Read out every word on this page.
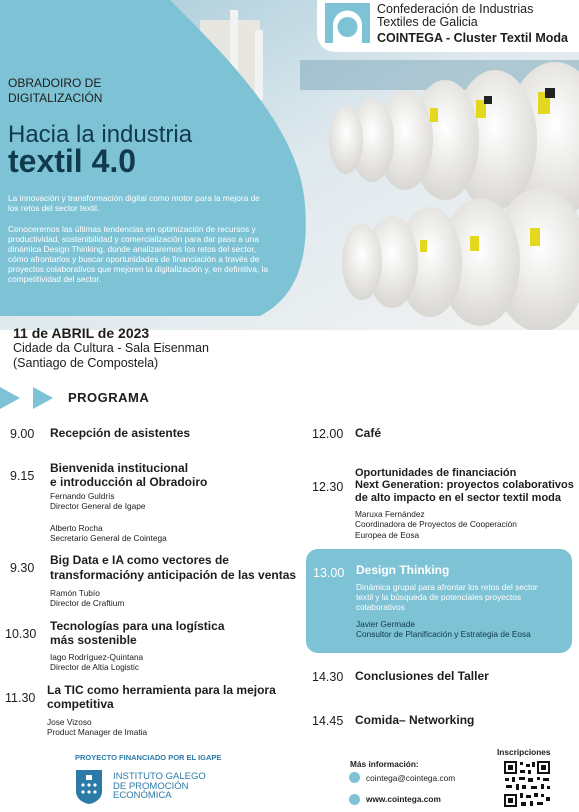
Confederación de Industrias
Textiles de Galicia
COINTEGA - Cluster Textil Moda
OBRADOIRO DE DIGITALIZACIÓN
Hacia la industria
textil 4.0
La innovación y transformación digital como motor para la mejora de los retos del sector textil.
Conoceremos las últimas tendencias en optimización de recursos y productividad, sostenibilidad y comercialización para dar paso a una dinámica Design Thinking, donde analizaremos los retos del sector, cómo afrontarlos y buscar oportunidades de financiación a través de proyectos colaborativos que mejoren la digitalización y, en definitiva, la competitividad del sector.
11 de ABRIL de 2023
Cidade da Cultura - Sala Eisenman
(Santiago de Compostela)
PROGRAMA
9.00 Recepción de asistentes
9.15
Bienvenida institucional
e introducción al Obradoiro
Fernando Guldrís
Director General de Igape
Alberto Rocha
Secretario General de Cointega
9.30
Big Data e IA como vectores de
transformacióny anticipación de las ventas
Ramón Tubío
Director de Craftium
10.30
Tecnologías para una logística
más sostenible
Iago Rodríguez-Quintana
Director de Altia Logistic
11.30
La TIC como herramienta para la mejora
competitiva
Jose Vizoso
Product Manager de Imatia
12.00 Café
12.30
Oportunidades de financiación
Next Generation: proyectos colaborativos
de alto impacto en el sector textil moda
Maruxa Fernández
Coordinadora de Proyectos de Cooperación
Europea de Eosa
13.00 Design Thinking
Dinámica grupal para afrontar los retos del sector textil y la búsqueda de potenciales proyectos colaborativos
Javier Germade
Consultor de Planificación y Estrategia de Eosa
14.30 Conclusiones del Taller
14.45 Comida– Networking
PROYECTO FINANCIADO POR EL IGAPE
INSTITUTO GALEGO
DE PROMOCIÓN
ECONÓMICA
Más información:
cointega@cointega.com
www.cointega.com
Inscripciones
